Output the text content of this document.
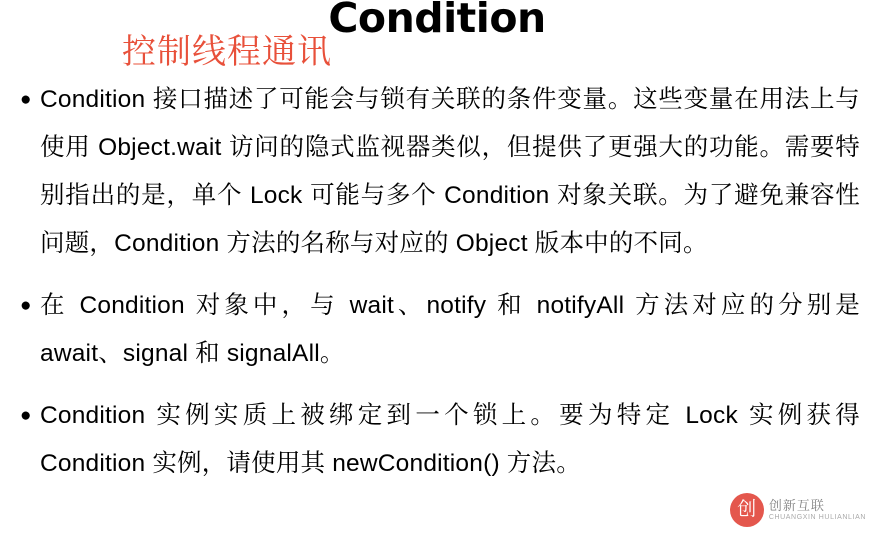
Condition
控制线程通讯
● Condition 接口描述了可能会与锁有关联的条件变量。这些变量在用法上与使用 Object.wait 访问的隐式监视器类似，但提供了更强大的功能。需要特别指出的是，单个 Lock 可能与多个 Condition 对象关联。为了避免兼容性问题，Condition 方法的名称与对应的 Object 版本中的不同。
● 在 Condition 对象中，与 wait、notify 和 notifyAll 方法对应的分别是 await、signal 和 signalAll。
● Condition 实例实质上被绑定到一个锁上。要为特定 Lock 实例获得 Condition 实例，请使用其 newCondition() 方法。
创 创新互联
CHUANGXIN HULIANLIAN
